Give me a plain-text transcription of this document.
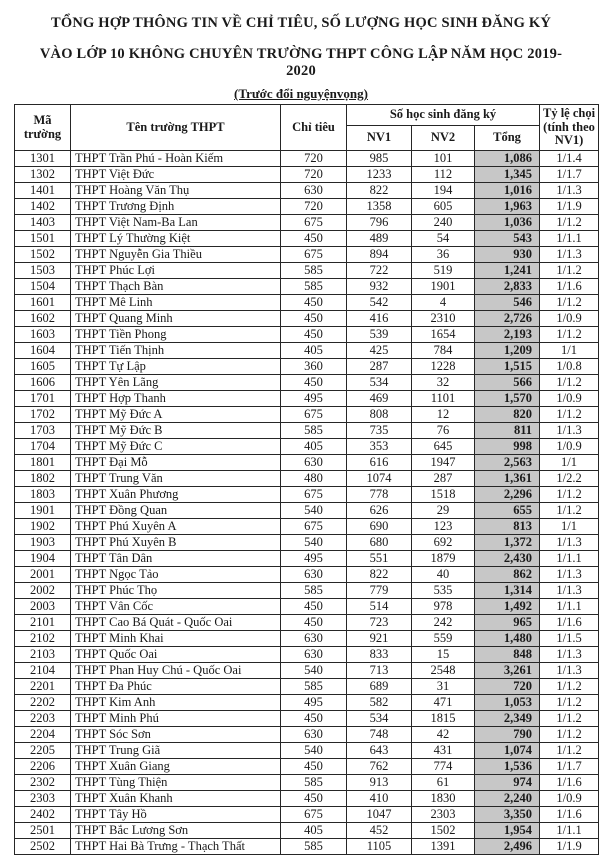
TỔNG HỢP THÔNG TIN VỀ CHỈ TIÊU, SỐ LƯỢNG HỌC SINH ĐĂNG KÝ
VÀO LỚP 10 KHÔNG CHUYÊN TRƯỜNG THPT CÔNG LẬP NĂM HỌC 2019-2020
(Trước đổi nguyệnvọng)
Mã trường	Tên trường THPT	Chỉ tiêu	Số học sinh đăng ký			Tỷ lệ chọi (tính theo NV1)
			NV1	NV2	Tổng	
1301	THPT Trần Phú - Hoàn Kiếm	720	985	101	1,086	1/1.4
1302	THPT Việt Đức	720	1233	112	1,345	1/1.7
1401	THPT Hoàng Văn Thụ	630	822	194	1,016	1/1.3
1402	THPT Trương Định	720	1358	605	1,963	1/1.9
1403	THPT Việt Nam-Ba Lan	675	796	240	1,036	1/1.2
1501	THPT Lý Thường Kiệt	450	489	54	543	1/1.1
1502	THPT Nguyễn Gia Thiều	675	894	36	930	1/1.3
1503	THPT Phúc Lợi	585	722	519	1,241	1/1.2
1504	THPT Thạch Bàn	585	932	1901	2,833	1/1.6
1601	THPT Mê Linh	450	542	4	546	1/1.2
1602	THPT Quang Minh	450	416	2310	2,726	1/0.9
1603	THPT Tiền Phong	450	539	1654	2,193	1/1.2
1604	THPT Tiến Thịnh	405	425	784	1,209	1/1
1605	THPT Tự Lập	360	287	1228	1,515	1/0.8
1606	THPT Yên Lãng	450	534	32	566	1/1.2
1701	THPT Hợp Thanh	495	469	1101	1,570	1/0.9
1702	THPT Mỹ Đức A	675	808	12	820	1/1.2
1703	THPT Mỹ Đức B	585	735	76	811	1/1.3
1704	THPT Mỹ Đức C	405	353	645	998	1/0.9
1801	THPT Đại Mỗ	630	616	1947	2,563	1/1
1802	THPT Trung Văn	480	1074	287	1,361	1/2.2
1803	THPT Xuân Phương	675	778	1518	2,296	1/1.2
1901	THPT Đồng Quan	540	626	29	655	1/1.2
1902	THPT Phú Xuyên A	675	690	123	813	1/1
1903	THPT Phú Xuyên B	540	680	692	1,372	1/1.3
1904	THPT Tân Dân	495	551	1879	2,430	1/1.1
2001	THPT Ngọc Tảo	630	822	40	862	1/1.3
2002	THPT Phúc Thọ	585	779	535	1,314	1/1.3
2003	THPT Vân Cốc	450	514	978	1,492	1/1.1
2101	THPT Cao Bá Quát - Quốc Oai	450	723	242	965	1/1.6
2102	THPT Minh Khai	630	921	559	1,480	1/1.5
2103	THPT Quốc Oai	630	833	15	848	1/1.3
2104	THPT Phan Huy Chú - Quốc Oai	540	713	2548	3,261	1/1.3
2201	THPT Đa Phúc	585	689	31	720	1/1.2
2202	THPT Kim Anh	495	582	471	1,053	1/1.2
2203	THPT Minh Phú	450	534	1815	2,349	1/1.2
2204	THPT Sóc Sơn	630	748	42	790	1/1.2
2205	THPT Trung Giã	540	643	431	1,074	1/1.2
2206	THPT Xuân Giang	450	762	774	1,536	1/1.7
2302	THPT Tùng Thiện	585	913	61	974	1/1.6
2303	THPT Xuân Khanh	450	410	1830	2,240	1/0.9
2402	THPT Tây Hồ	675	1047	2303	3,350	1/1.6
2501	THPT Bắc Lương Sơn	405	452	1502	1,954	1/1.1
2502	THPT Hai Bà Trưng - Thạch Thất	585	1105	1391	2,496	1/1.9
